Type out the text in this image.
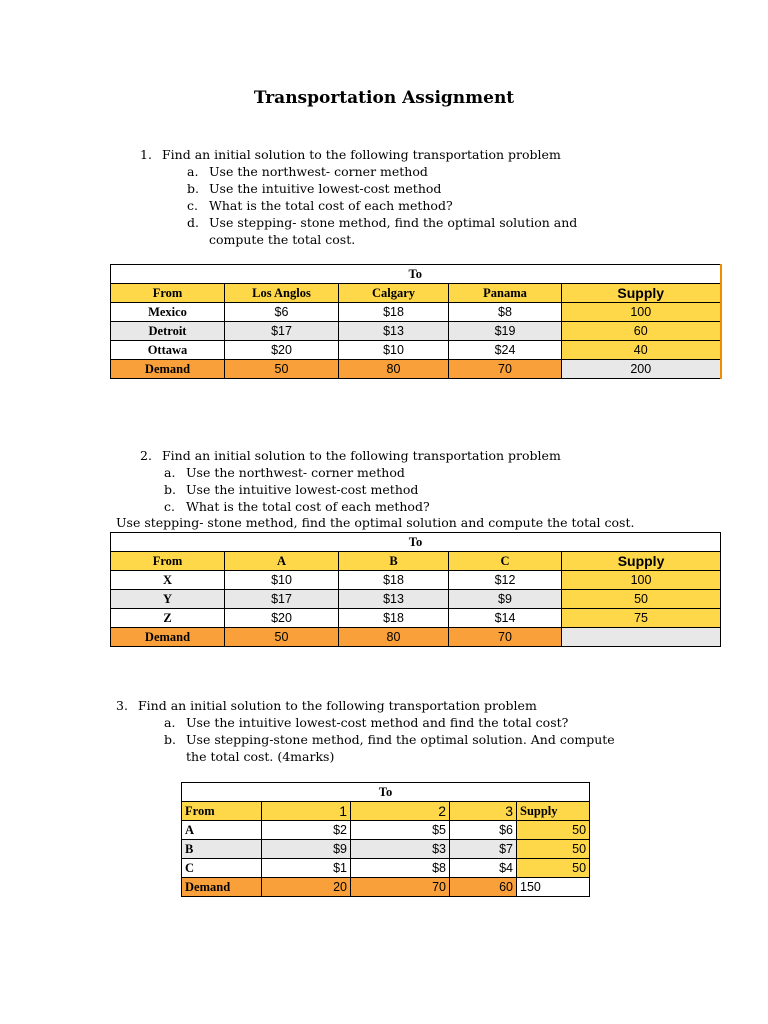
Transportation Assignment
1. Find an initial solution to the following transportation problem
a. Use the northwest- corner method
b. Use the intuitive lowest-cost method
c. What is the total cost of each method?
d. Use stepping- stone method, find the optimal solution and
compute the total cost.
To				
From	Los Anglos	Calgary	Panama	Supply
Mexico	$6	$18	$8	100
Detroit	$17	$13	$19	60
Ottawa	$20	$10	$24	40
Demand	50	80	70	200
2. Find an initial solution to the following transportation problem
a. Use the northwest- corner method
b. Use the intuitive lowest-cost method
c. What is the total cost of each method?
Use stepping- stone method, find the optimal solution and compute the total cost.
To				
From	A	B	C	Supply
X	$10	$18	$12	100
Y	$17	$13	$9	50
Z	$20	$18	$14	75
Demand	50	80	70	
3. Find an initial solution to the following transportation problem
a. Use the intuitive lowest-cost method and find the total cost?
b. Use stepping-stone method, find the optimal solution. And compute
the total cost. (4marks)
To				
From	1	2	3	Supply
A	$2	$5	$6	50
B	$9	$3	$7	50
C	$1	$8	$4	50
Demand	20	70	60	150
